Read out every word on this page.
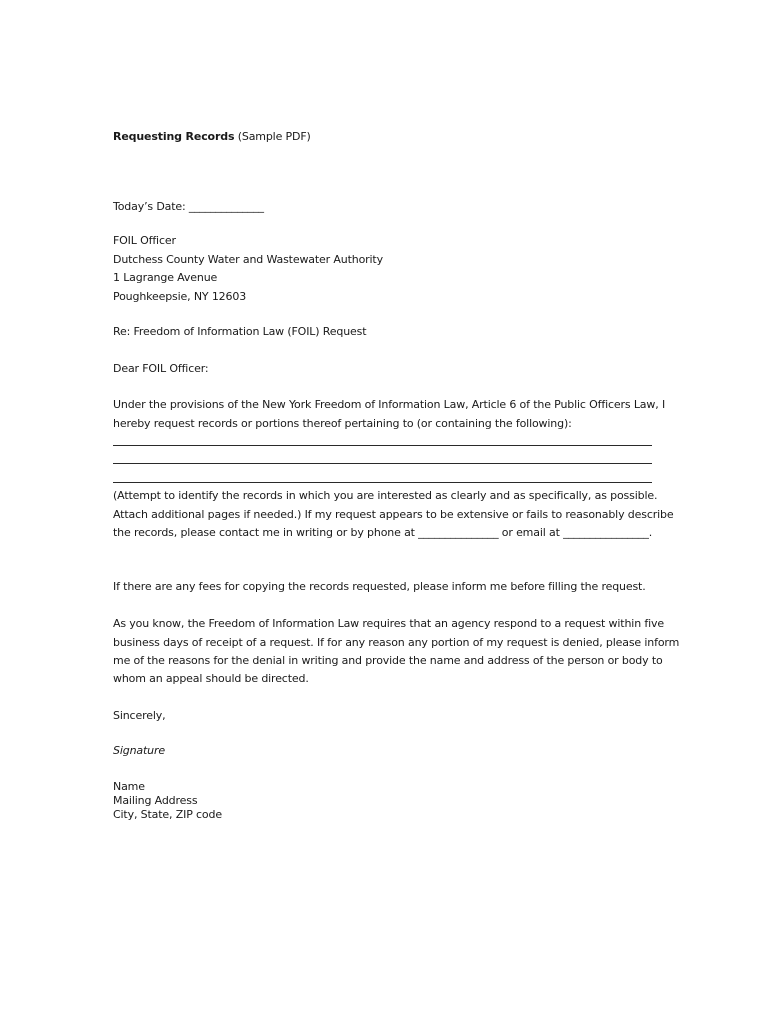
Requesting Records (Sample PDF)
Today’s Date: ______________
FOIL Officer
Dutchess County Water and Wastewater Authority
1 Lagrange Avenue
Poughkeepsie, NY 12603
Re: Freedom of Information Law (FOIL) Request
Dear FOIL Officer:
Under the provisions of the New York Freedom of Information Law, Article 6 of the Public Officers Law, I
hereby request records or portions thereof pertaining to (or containing the following):
(Attempt to identify the records in which you are interested as clearly and as specifically, as possible.
Attach additional pages if needed.) If my request appears to be extensive or fails to reasonably describe
the records, please contact me in writing or by phone at _______________ or email at ________________.
If there are any fees for copying the records requested, please inform me before filling the request.
As you know, the Freedom of Information Law requires that an agency respond to a request within five
business days of receipt of a request. If for any reason any portion of my request is denied, please inform
me of the reasons for the denial in writing and provide the name and address of the person or body to
whom an appeal should be directed.
Sincerely,
Signature
Name
Mailing Address
City, State, ZIP code
